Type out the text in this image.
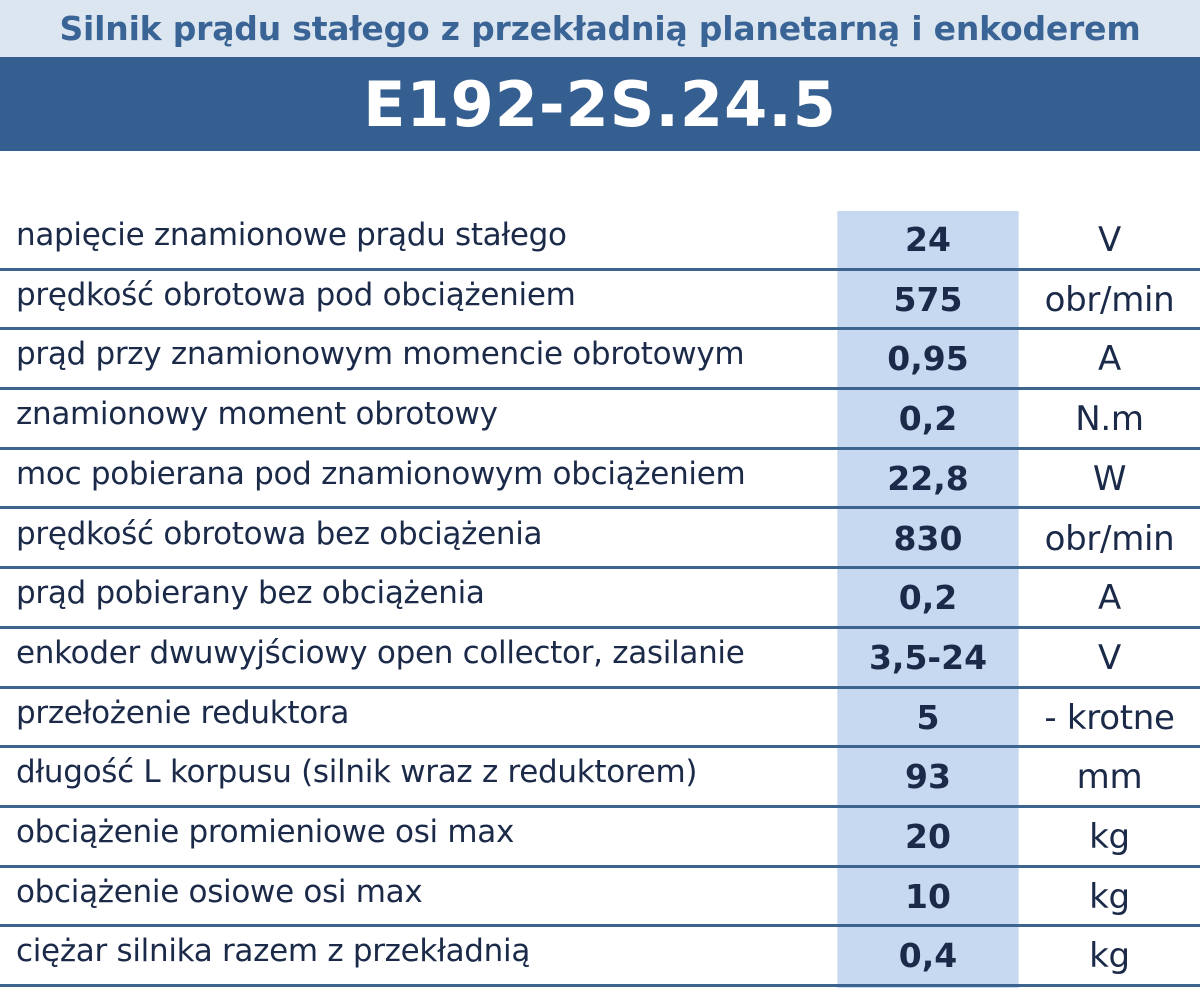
Silnik prądu stałego z przekładnią planetarną i enkoderem
E192-2S.24.5
napięcie znamionowe prądu stałego	24	V
prędkość obrotowa pod obciążeniem	575	obr/min
prąd przy znamionowym momencie obrotowym	0,95	A
znamionowy moment obrotowy	0,2	N.m
moc pobierana pod znamionowym obciążeniem	22,8	W
prędkość obrotowa bez obciążenia	830	obr/min
prąd pobierany bez obciążenia	0,2	A
enkoder dwuwyjściowy open collector, zasilanie	3,5-24	V
przełożenie reduktora	5	- krotne
długość L korpusu (silnik wraz z reduktorem)	93	mm
obciążenie promieniowe osi max	20	kg
obciążenie osiowe osi max	10	kg
ciężar silnika razem z przekładnią	0,4	kg
